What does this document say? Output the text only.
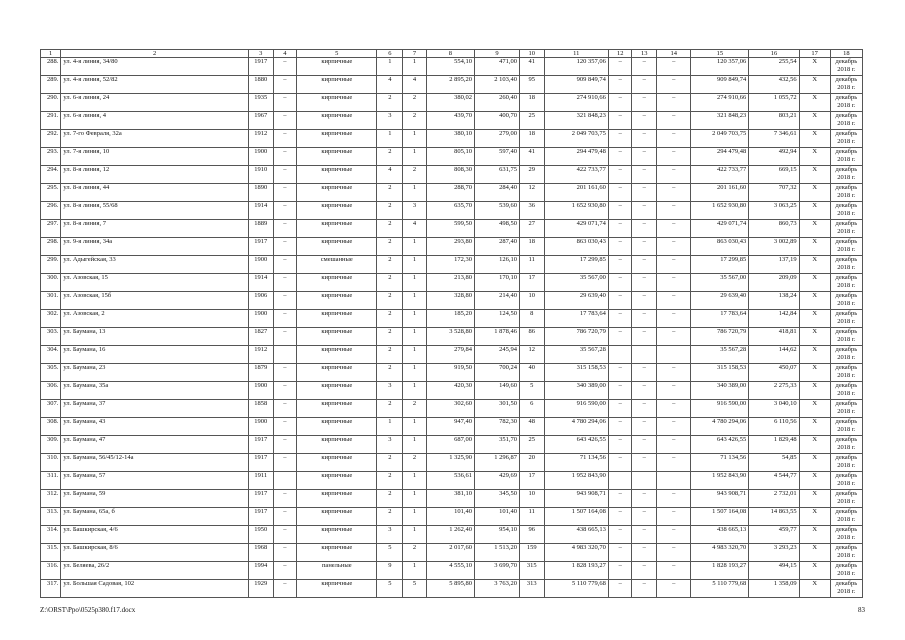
1	2	3	4	5	6	7	8	9	10	11	12	13	14	15	16	17	18
288.	ул. 4-я линия, 34/80	1917	–	кирпичные	1	1	554,10	471,00	41	120 357,06	–	–	–	120 357,06	255,54	Х	декабрь 2018 г.
289.	ул. 4-я линия, 52/82	1880	–	кирпичные	4	4	2 895,20	2 103,40	95	909 849,74	–	–	–	909 849,74	432,56	Х	декабрь 2018 г.
290.	ул. 6-я линия, 24	1935	–	кирпичные	2	2	380,02	260,40	18	274 910,66	–	–	–	274 910,66	1 055,72	Х	декабрь 2018 г.
291.	ул. 6-я линия, 4	1967	–	кирпичные	3	2	439,70	400,70	25	321 848,23	–	–	–	321 848,23	803,21	Х	декабрь 2018 г.
292.	ул. 7-го Февраля, 32а	1912	–	кирпичные	1	1	380,10	279,00	18	2 049 703,75	–	–	–	2 049 703,75	7 346,61	Х	декабрь 2018 г.
293.	ул. 7-я линия, 10	1900	–	кирпичные	2	1	805,10	597,40	41	294 479,48	–	–	–	294 479,48	492,94	Х	декабрь 2018 г.
294.	ул. 8-я линия, 12	1910	–	кирпичные	4	2	808,30	631,75	29	422 733,77	–	–	–	422 733,77	669,15	Х	декабрь 2018 г.
295.	ул. 8-я линия, 44	1890	–	кирпичные	2	1	288,70	284,40	12	201 161,60	–	–	–	201 161,60	707,32	Х	декабрь 2018 г.
296.	ул. 8-я линия, 55/68	1914	–	кирпичные	2	3	635,70	539,60	36	1 652 930,80	–	–	–	1 652 930,80	3 063,25	Х	декабрь 2018 г.
297.	ул. 8-я линия, 7	1889	–	кирпичные	2	4	599,50	498,50	27	429 071,74	–	–	–	429 071,74	860,73	Х	декабрь 2018 г.
298.	ул. 9-я линия, 34а	1917	–	кирпичные	2	1	293,80	287,40	18	863 030,43	–	–	–	863 030,43	3 002,89	Х	декабрь 2018 г.
299.	ул. Адыгейская, 33	1900	–	смешанные	2	1	172,30	126,10	11	17 299,85	–	–	–	17 299,85	137,19	Х	декабрь 2018 г.
300.	ул. Азовская, 15	1914	–	кирпичные	2	1	213,80	170,10	17	35 567,00	–	–	–	35 567,00	209,09	Х	декабрь 2018 г.
301.	ул. Азовская, 15б	1906	–	кирпичные	2	1	328,80	214,40	10	29 639,40	–	–	–	29 639,40	138,24	Х	декабрь 2018 г.
302.	ул. Азовская, 2	1900	–	кирпичные	2	1	185,20	124,50	8	17 783,64	–	–	–	17 783,64	142,84	Х	декабрь 2018 г.
303.	ул. Баумана, 13	1827	–	кирпичные	2	1	3 528,80	1 878,46	86	786 720,79	–	–	–	786 720,79	418,81	Х	декабрь 2018 г.
304.	ул. Баумана, 16	1912		кирпичные	2	1	279,84	245,94	12	35 567,28				35 567,28	144,62	Х	декабрь 2018 г.
305.	ул. Баумана, 23	1879	–	кирпичные	2	1	919,50	700,24	40	315 158,53	–	–	–	315 158,53	450,07	Х	декабрь 2018 г.
306.	ул. Баумана, 35а	1900	–	кирпичные	3	1	420,30	149,60	5	340 389,00	–	–	–	340 389,00	2 275,33	Х	декабрь 2018 г.
307.	ул. Баумана, 37	1858	–	кирпичные	2	2	302,60	301,50	6	916 590,00	–	–	–	916 590,00	3 040,10	Х	декабрь 2018 г.
308.	ул. Баумана, 43	1900	–	кирпичные	1	1	947,40	782,30	48	4 780 294,06	–	–	–	4 780 294,06	6 110,56	Х	декабрь 2018 г.
309.	ул. Баумана, 47	1917	–	кирпичные	3	1	687,00	351,70	25	643 426,55	–	–	–	643 426,55	1 829,48	Х	декабрь 2018 г.
310.	ул. Баумана, 56/45/12-14а	1917	–	кирпичные	2	2	1 325,90	1 296,87	20	71 134,56	–	–	–	71 134,56	54,85	Х	декабрь 2018 г.
311.	ул. Баумана, 57	1911		кирпичные	2	1	536,61	429,69	17	1 952 843,90				1 952 843,90	4 544,77	Х	декабрь 2018 г.
312.	ул. Баумана, 59	1917	–	кирпичные	2	1	381,10	345,50	10	943 908,71	–	–	–	943 908,71	2 732,01	Х	декабрь 2018 г.
313.	ул. Баумана, 65а, б	1917	–	кирпичные	2	1	101,40	101,40	11	1 507 164,08	–	–	–	1 507 164,08	14 863,55	Х	декабрь 2018 г.
314.	ул. Башкирская, 4/6	1950	–	кирпичные	3	1	1 262,40	954,10	96	438 665,13	–	–	–	438 665,13	459,77	Х	декабрь 2018 г.
315.	ул. Башкирская, 8/6	1968	–	кирпичные	5	2	2 017,60	1 513,20	159	4 983 320,70	–	–	–	4 983 320,70	3 293,23	Х	декабрь 2018 г.
316.	ул. Беляева, 26/2	1994	–	панельные	9	1	4 555,10	3 699,70	315	1 828 193,27	–	–	–	1 828 193,27	494,15	Х	декабрь 2018 г.
317.	ул. Большая Садовая, 102	1929	–	кирпичные	5	5	5 895,80	3 763,20	313	5 110 779,68	–	–	–	5 110 779,68	1 358,09	Х	декабрь 2018 г.
Z:\ORST\Ppo\0525p380.f17.docx	83
